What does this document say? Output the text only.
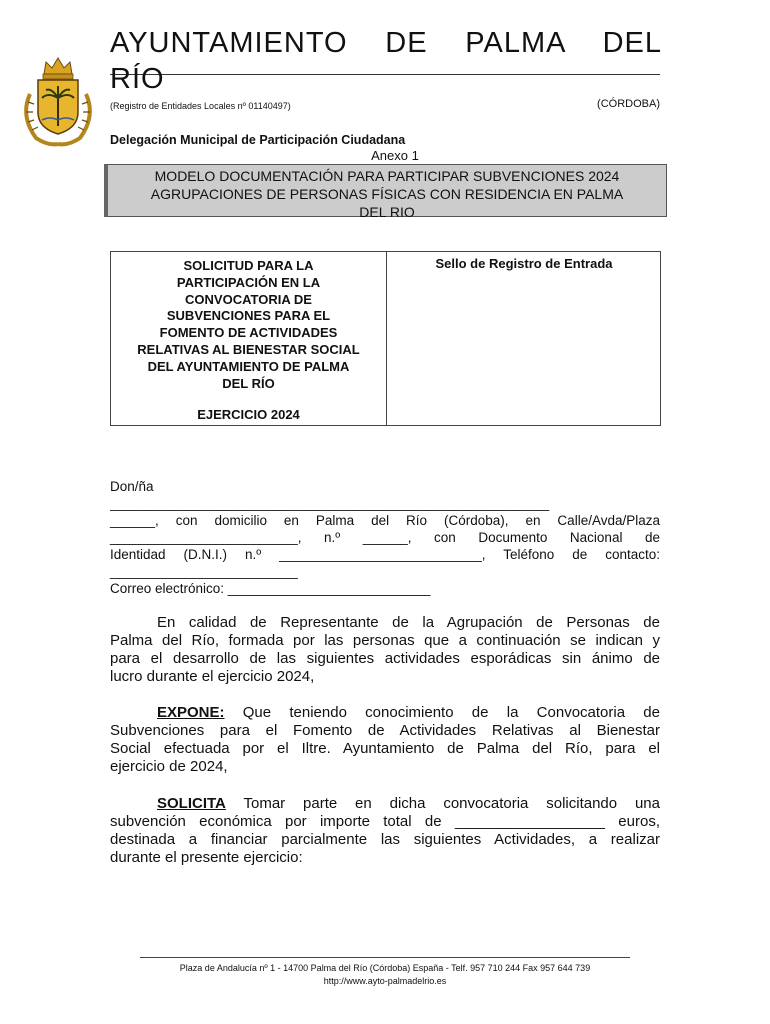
AYUNTAMIENTO DE PALMA DEL
RÍO
(Registro de Entidades Locales nº 01140497)	(CÓRDOBA)
Delegación Municipal de Participación Ciudadana
Anexo 1
MODELO DOCUMENTACIÓN PARA PARTICIPAR SUBVENCIONES 2024
AGRUPACIONES DE PERSONAS FÍSICAS CON RESIDENCIA EN PALMA
DEL RIO
SOLICITUD PARA LA
PARTICIPACIÓN EN LA
CONVOCATORIA DE
SUBVENCIONES PARA EL
FOMENTO DE ACTIVIDADES
RELATIVAS AL BIENESTAR SOCIAL
DEL AYUNTAMIENTO DE PALMA
DEL RÍO
EJERCICIO 2024
Sello de Registro de Entrada
Don/ña
_________________________________________________________
______, con domicilio en Palma del Río (Córdoba), en Calle/Avda/Plaza
_________________________, n.º ______, con Documento Nacional de
Identidad (D.N.I.) n.º ___________________________, Teléfono de contacto:
_________________________
Correo electrónico: ___________________________
En calidad de Representante de la Agrupación de Personas de
Palma del Río, formada por las personas que a continuación se indican y
para el desarrollo de las siguientes actividades esporádicas sin ánimo de
lucro durante el ejercicio 2024,
EXPONE: Que teniendo conocimiento de la Convocatoria de
Subvenciones para el Fomento de Actividades Relativas al Bienestar
Social efectuada por el Iltre. Ayuntamiento de Palma del Río, para el
ejercicio de 2024,
SOLICITA Tomar parte en dicha convocatoria solicitando una
subvención económica por importe total de __________________ euros,
destinada a financiar parcialmente las siguientes Actividades, a realizar
durante el presente ejercicio:
Plaza de Andalucía nº 1 - 14700 Palma del Río (Córdoba) España - Telf. 957 710 244 Fax 957 644 739
http://www.ayto-palmadelrio.es
